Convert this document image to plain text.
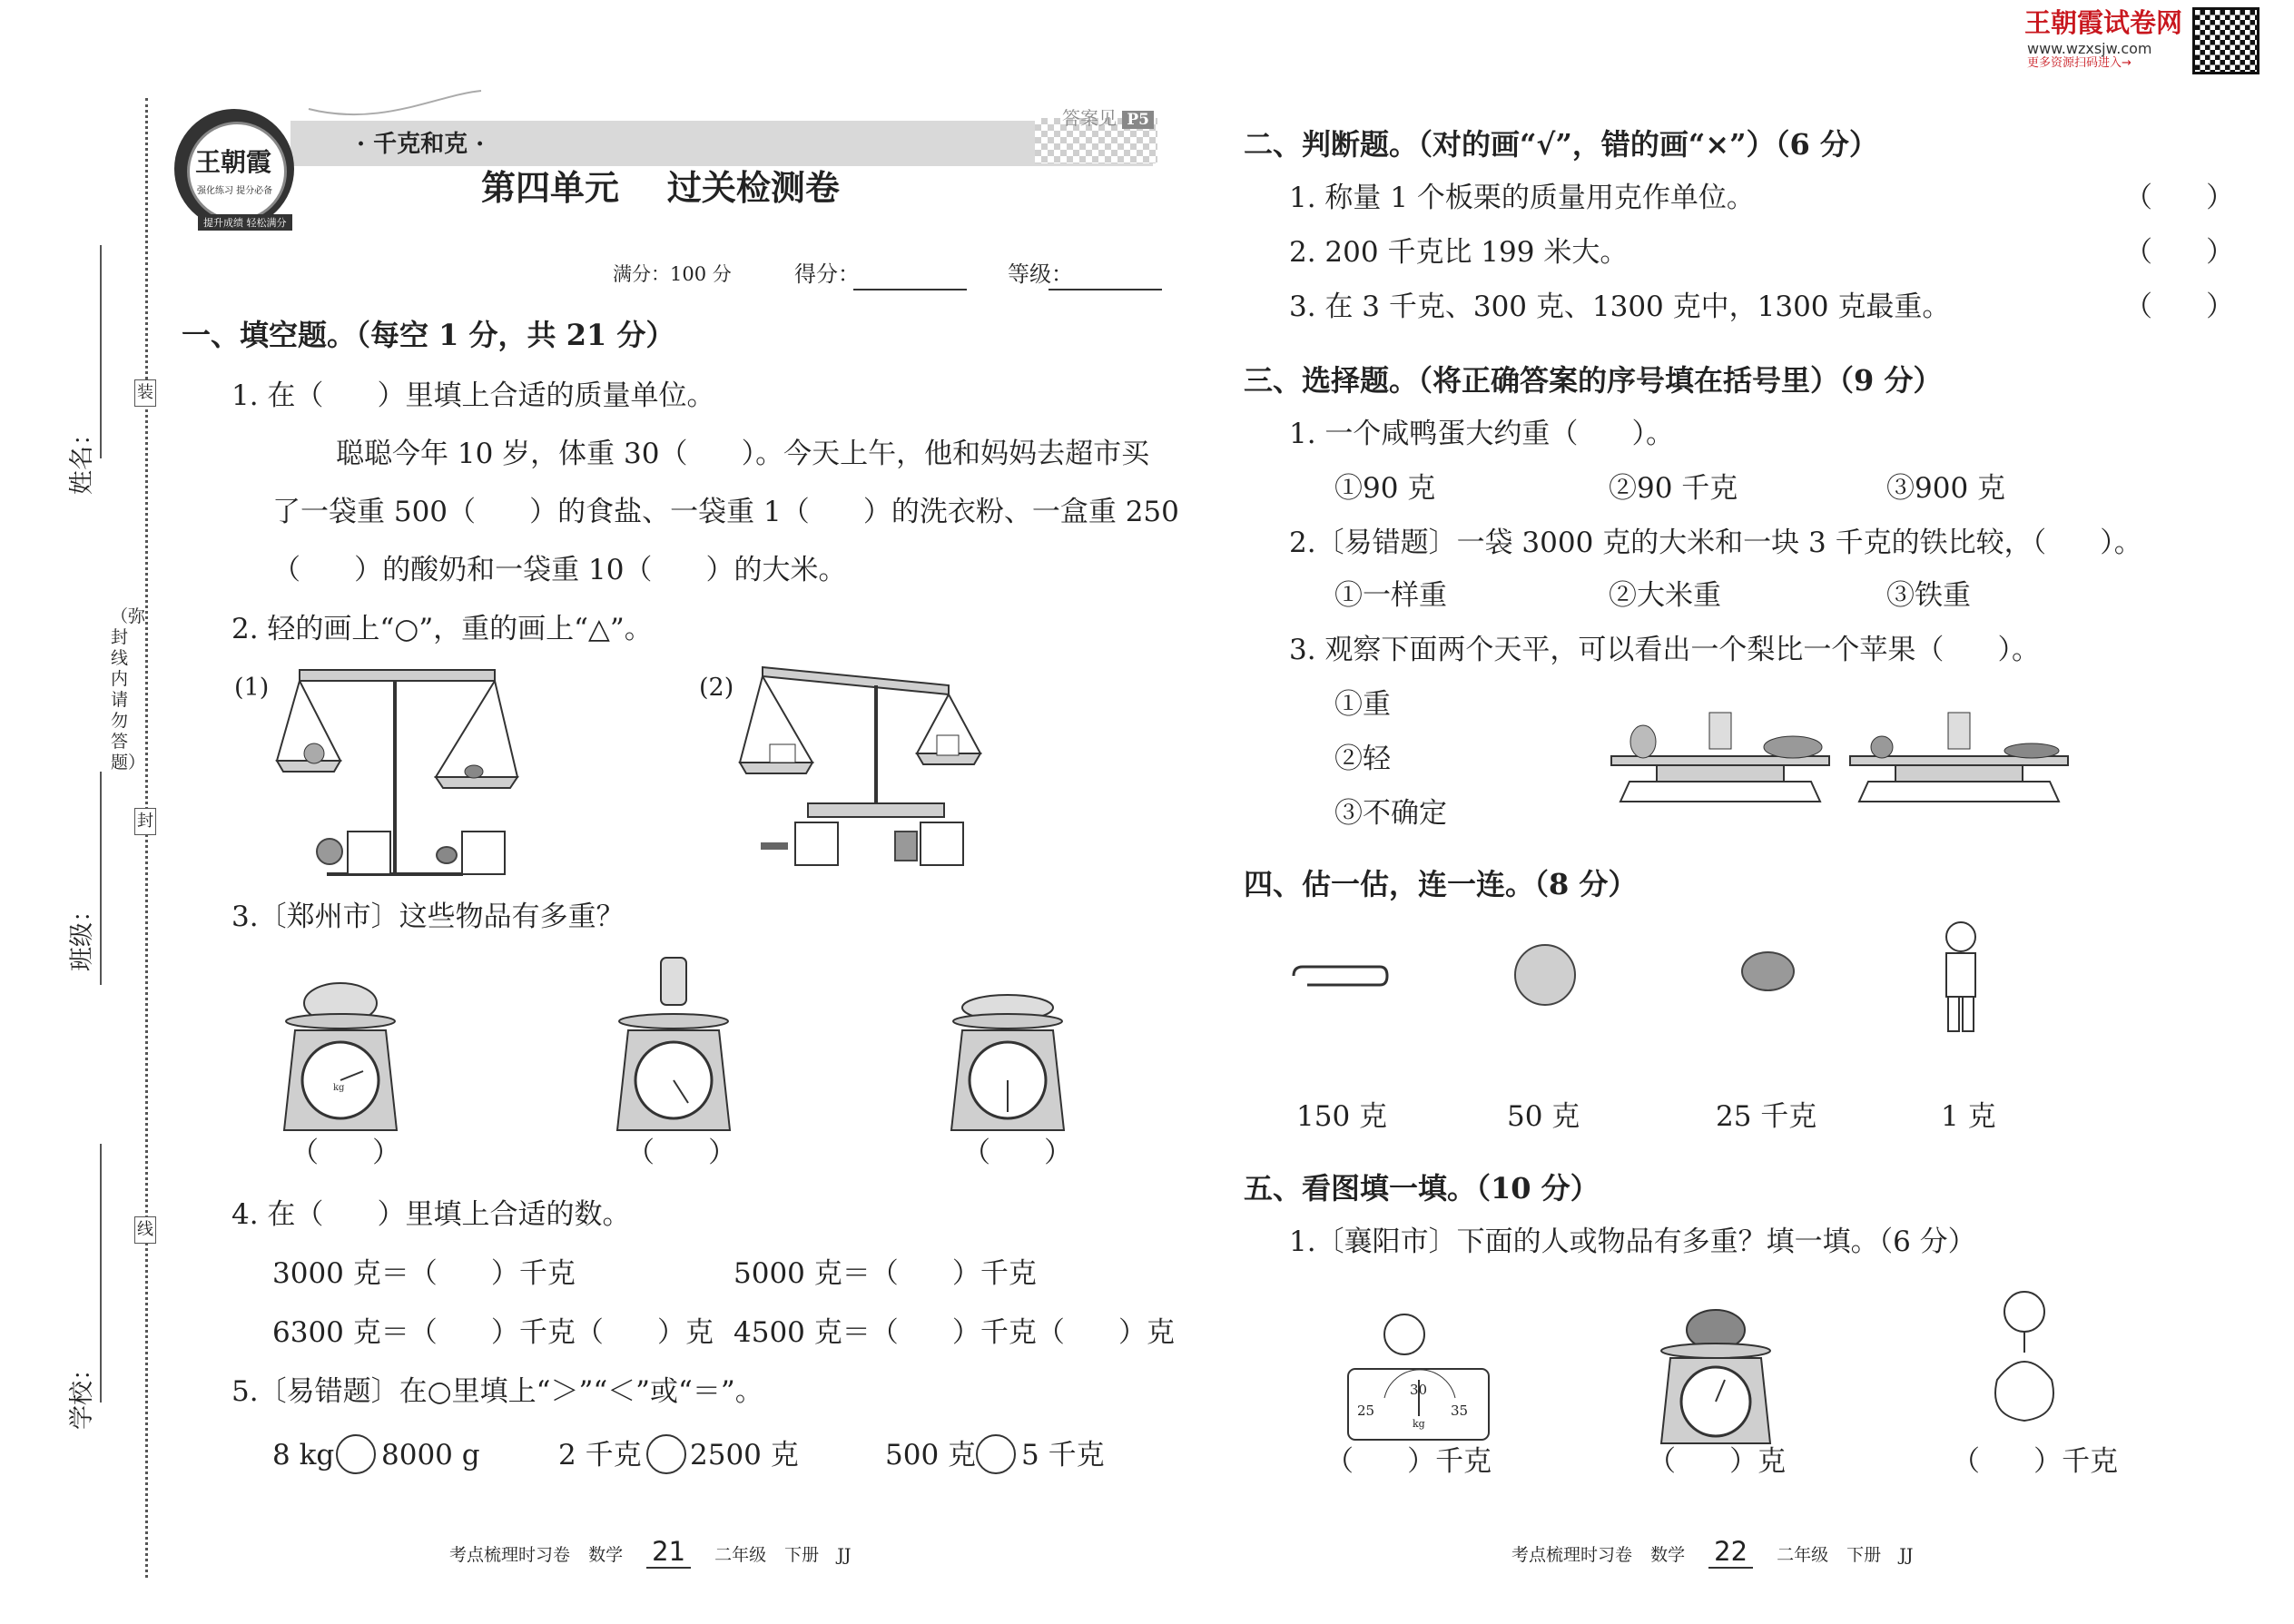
姓名：
班级：
学校：
装
封
线
（弥封线内请勿答题）
王朝霞
强化练习 提分必备
提升成绩 轻松满分
· 千克和克 ·
第四单元    过关检测卷
答案见 P5
满分：100 分	得分：	等级：
王朝霞试卷网
www.wzxsjw.com
更多资源扫码进入→
一、填空题。（每空 1 分，共 21 分）
1. 在（      ）里填上合适的质量单位。
聪聪今年 10 岁，体重 30（      ）。今天上午，他和妈妈去超市买
了一袋重 500（      ）的食盐、一袋重 1（      ）的洗衣粉、一盒重 250
（      ）的酸奶和一袋重 10（      ）的大米。
2. 轻的画上“○”，重的画上“△”。
(1)	(2)
3.〔郑州市〕这些物品有多重？
kg
（      ）	（      ）	（      ）
4. 在（      ）里填上合适的数。
3000 克＝（      ）千克	5000 克＝（      ）千克
6300 克＝（      ）千克（      ）克 4500 克＝（      ）千克（      ）克
5.〔易错题〕在○里填上“＞”“＜”或“＝”。
8 kg 8000 g	2 千克 2500 克	500 克 5 千克
考点梳理时习卷 数学 21 二年级 下册 JJ
二、判断题。（对的画“√”，错的画“×”）（6 分）
1. 称量 1 个板栗的质量用克作单位。	（      ）
2. 200 千克比 199 米大。	（      ）
3. 在 3 千克、300 克、1300 克中，1300 克最重。	（      ）
三、选择题。（将正确答案的序号填在括号里）（9 分）
1. 一个咸鸭蛋大约重（      ）。
①90 克	②90 千克	③900 克
2.〔易错题〕一袋 3000 克的大米和一块 3 千克的铁比较，（      ）。
①一样重	②大米重	③铁重
3. 观察下面两个天平，可以看出一个梨比一个苹果（      ）。
①重
②轻
③不确定
四、估一估，连一连。（8 分）
150 克	50 克	25 千克	1 克
五、看图填一填。（10 分）
1.〔襄阳市〕下面的人或物品有多重？填一填。（6 分）
25
30
35
kg
（      ）千克	（      ）克	（      ）千克
考点梳理时习卷 数学 22 二年级 下册 JJ
